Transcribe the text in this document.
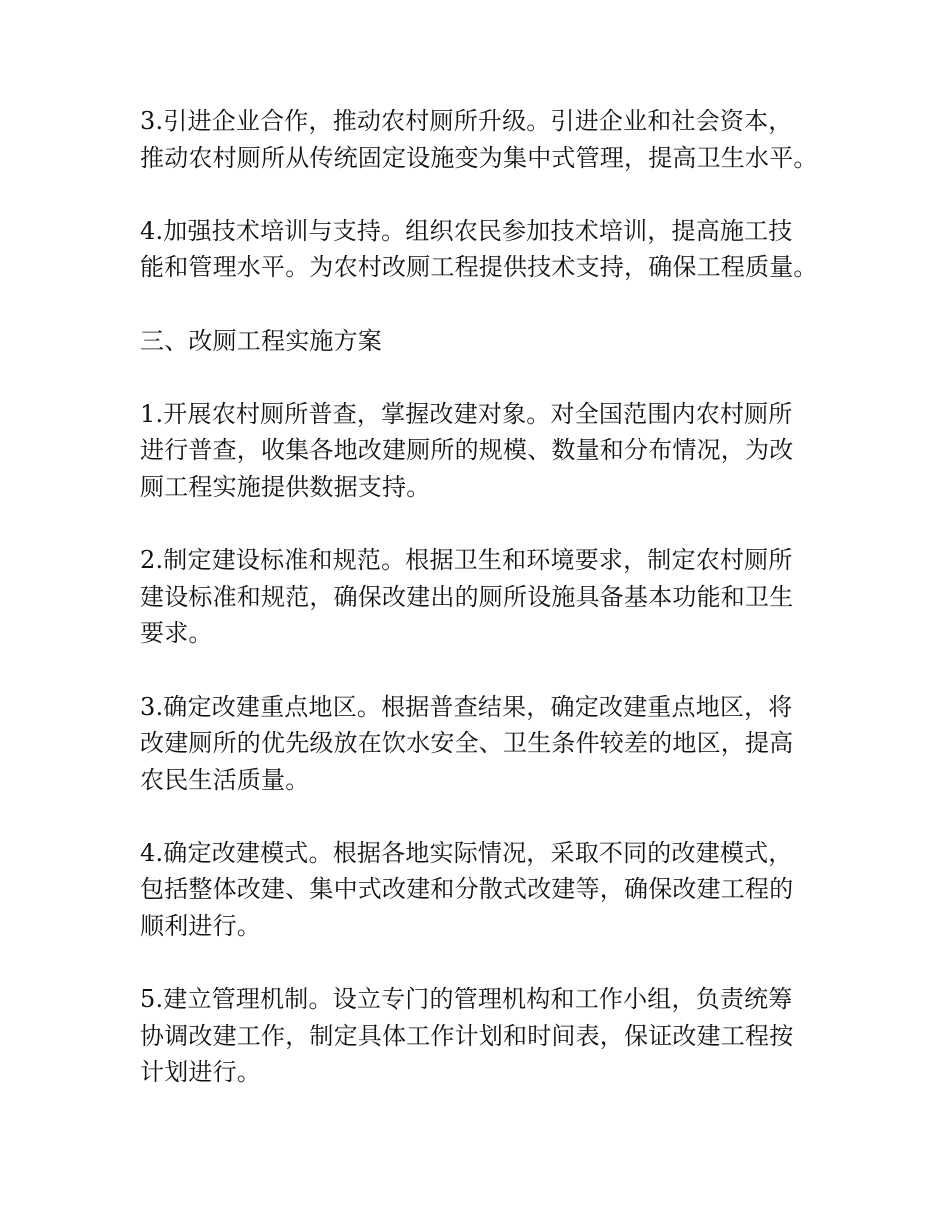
3.引进企业合作，推动农村厕所升级。引进企业和社会资本，
推动农村厕所从传统固定设施变为集中式管理，提高卫生水平。

4.加强技术培训与支持。组织农民参加技术培训，提高施工技
能和管理水平。为农村改厕工程提供技术支持，确保工程质量。

三、改厕工程实施方案

1.开展农村厕所普查，掌握改建对象。对全国范围内农村厕所
进行普查，收集各地改建厕所的规模、数量和分布情况，为改
厕工程实施提供数据支持。

2.制定建设标准和规范。根据卫生和环境要求，制定农村厕所
建设标准和规范，确保改建出的厕所设施具备基本功能和卫生
要求。

3.确定改建重点地区。根据普查结果，确定改建重点地区，将
改建厕所的优先级放在饮水安全、卫生条件较差的地区，提高
农民生活质量。

4.确定改建模式。根据各地实际情况，采取不同的改建模式，
包括整体改建、集中式改建和分散式改建等，确保改建工程的
顺利进行。

5.建立管理机制。设立专门的管理机构和工作小组，负责统筹
协调改建工作，制定具体工作计划和时间表，保证改建工程按
计划进行。
